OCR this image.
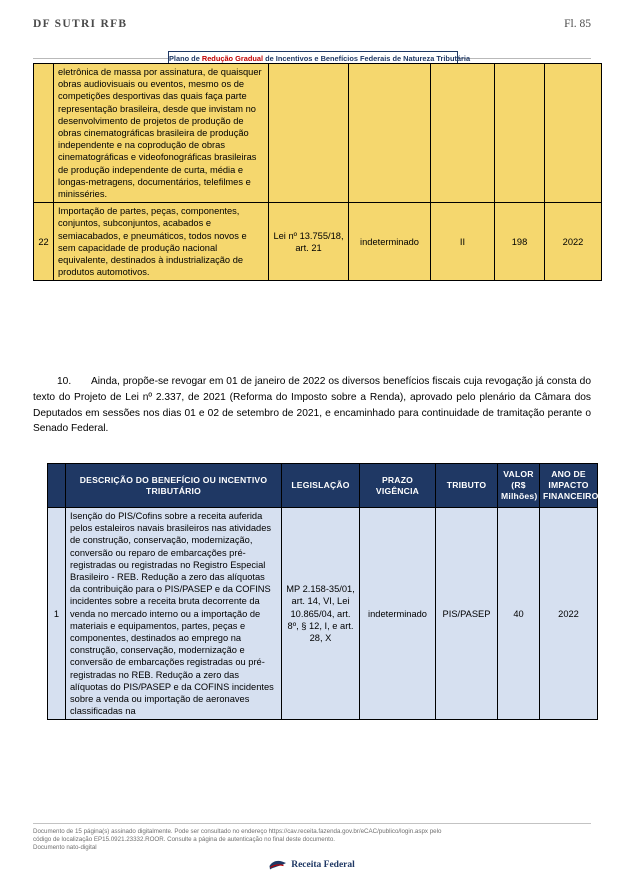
DF SUTRI RFB	Fl. 85
Plano de Redução Gradual de Incentivos e Benefícios Federais de Natureza Tributária
	eletrônica de massa por assinatura, de quaisquer obras audiovisuais ou eventos, mesmo os de competições desportivas das quais faça parte representação brasileira, desde que invistam no desenvolvimento de projetos de produção de obras cinematográficas brasileira de produção independente e na coprodução de obras cinematográficas e videofonográficas brasileiras de produção independente de curta, média e longas-metragens, documentários, telefilmes e minisséries.					
22	Importação de partes, peças, componentes, conjuntos, subconjuntos, acabados e semiacabados, e pneumáticos, todos novos e sem capacidade de produção nacional equivalente, destinados à industrialização de produtos automotivos.	Lei nº 13.755/18, art. 21	indeterminado	II	198	2022
10. Ainda, propõe-se revogar em 01 de janeiro de 2022 os diversos benefícios fiscais cuja revogação já consta do texto do Projeto de Lei nº 2.337, de 2021 (Reforma do Imposto sobre a Renda), aprovado pelo plenário da Câmara dos Deputados em sessões nos dias 01 e 02 de setembro de 2021, e encaminhado para continuidade de tramitação perante o Senado Federal.
	DESCRIÇÃO DO BENEFÍCIO OU INCENTIVO TRIBUTÁRIO	LEGISLAÇÃO	PRAZO VIGÊNCIA	TRIBUTO	VALOR (R$ Milhões)	ANO DE IMPACTO FINANCEIRO
1	Isenção do PIS/Cofins sobre a receita auferida pelos estaleiros navais brasileiros nas atividades de construção, conservação, modernização, conversão ou reparo de embarcações pré-registradas ou registradas no Registro Especial Brasileiro - REB. Redução a zero das alíquotas da contribuição para o PIS/PASEP e da COFINS incidentes sobre a receita bruta decorrente da venda no mercado interno ou a importação de materiais e equipamentos, partes, peças e componentes, destinados ao emprego na construção, conservação, modernização e conversão de embarcações registradas ou pré-registradas no REB. Redução a zero das alíquotas do PIS/PASEP e da COFINS incidentes sobre a venda ou importação de aeronaves classificadas na	MP 2.158-35/01, art. 14, VI, Lei 10.865/04, art. 8º, § 12, I, e art. 28, X	indeterminado	PIS/PASEP	40	2022
Documento de 15 página(s) assinado digitalmente. Pode ser consultado no endereço https://cav.receita.fazenda.gov.br/eCAC/publico/login.aspx pelo
código de localização EP15.0921.23332.ROOR. Consulte a página de autenticação no final deste documento.
Documento nato-digital
Receita Federal
